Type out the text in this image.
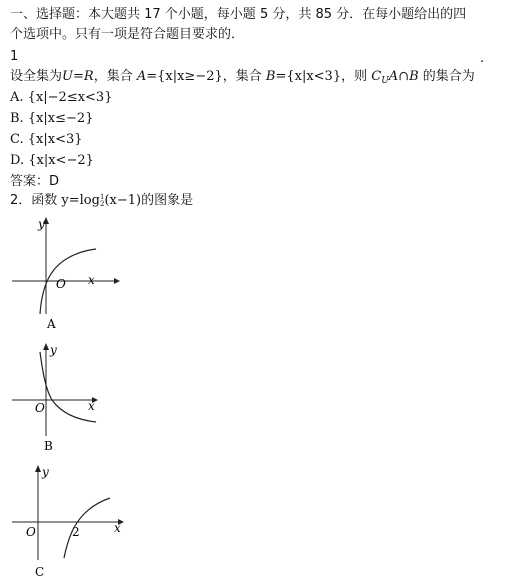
一、选择题：本大题共 17 个小题，每小题 5 分，共 85 分．在每小题给出的四
个选项中。只有一项是符合题目要求的．
1	.
设全集为U=R，集合 A={x|x≥−2}，集合 B={x|x<3}，则 $C_UA\cap B$ 的集合为
A. {x|−2≤x<3}
B. {x|x≤−2}
C. {x|x<3}
D. {x|x<−2}
答案：D
2．函数 y=log1
2(x−1)的图象是
y
x
O
A
y
x
O
B
y
x
O	2
C
